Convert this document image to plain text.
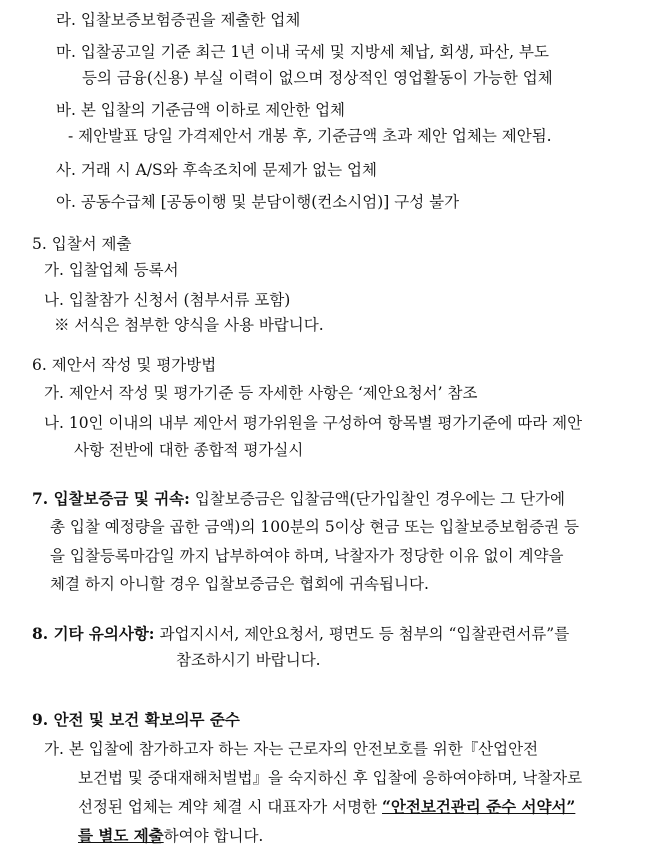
라. 입찰보증보험증권을 제출한 업체
마. 입찰공고일 기준 최근 1년 이내 국세 및 지방세 체납, 회생, 파산, 부도
등의 금융(신용) 부실 이력이 없으며 정상적인 영업활동이 가능한 업체
바. 본 입찰의 기준금액 이하로 제안한 업체
- 제안발표 당일 가격제안서 개봉 후, 기준금액 초과 제안 업체는 제안됨.
사. 거래 시 A/S와 후속조치에 문제가 없는 업체
아. 공동수급체 [공동이행 및 분담이행(컨소시엄)] 구성 불가
5. 입찰서 제출
가. 입찰업체 등록서
나. 입찰참가 신청서 (첨부서류 포함)
※ 서식은 첨부한 양식을 사용 바랍니다.
6. 제안서 작성 및 평가방법
가. 제안서 작성 및 평가기준 등 자세한 사항은 ‘제안요청서’ 참조
나. 10인 이내의 내부 제안서 평가위원을 구성하여 항목별 평가기준에 따라 제안
사항 전반에 대한 종합적 평가실시
7. 입찰보증금 및 귀속: 입찰보증금은 입찰금액(단가입찰인 경우에는 그 단가에
총 입찰 예정량을 곱한 금액)의 100분의 5이상 현금 또는 입찰보증보험증권 등
을 입찰등록마감일 까지 납부하여야 하며, 낙찰자가 정당한 이유 없이 계약을
체결 하지 아니할 경우 입찰보증금은 협회에 귀속됩니다.
8. 기타 유의사항: 과업지시서, 제안요청서, 평면도 등 첨부의 “입찰관련서류”를
참조하시기 바랍니다.
9. 안전 및 보건 확보의무 준수
가. 본 입찰에 참가하고자 하는 자는 근로자의 안전보호를 위한『산업안전
보건법 및 중대재해처벌법』을 숙지하신 후 입찰에 응하여야하며, 낙찰자로
선정된 업체는 계약 체결 시 대표자가 서명한 “안전보건관리 준수 서약서”
를 별도 제출하여야 합니다.
